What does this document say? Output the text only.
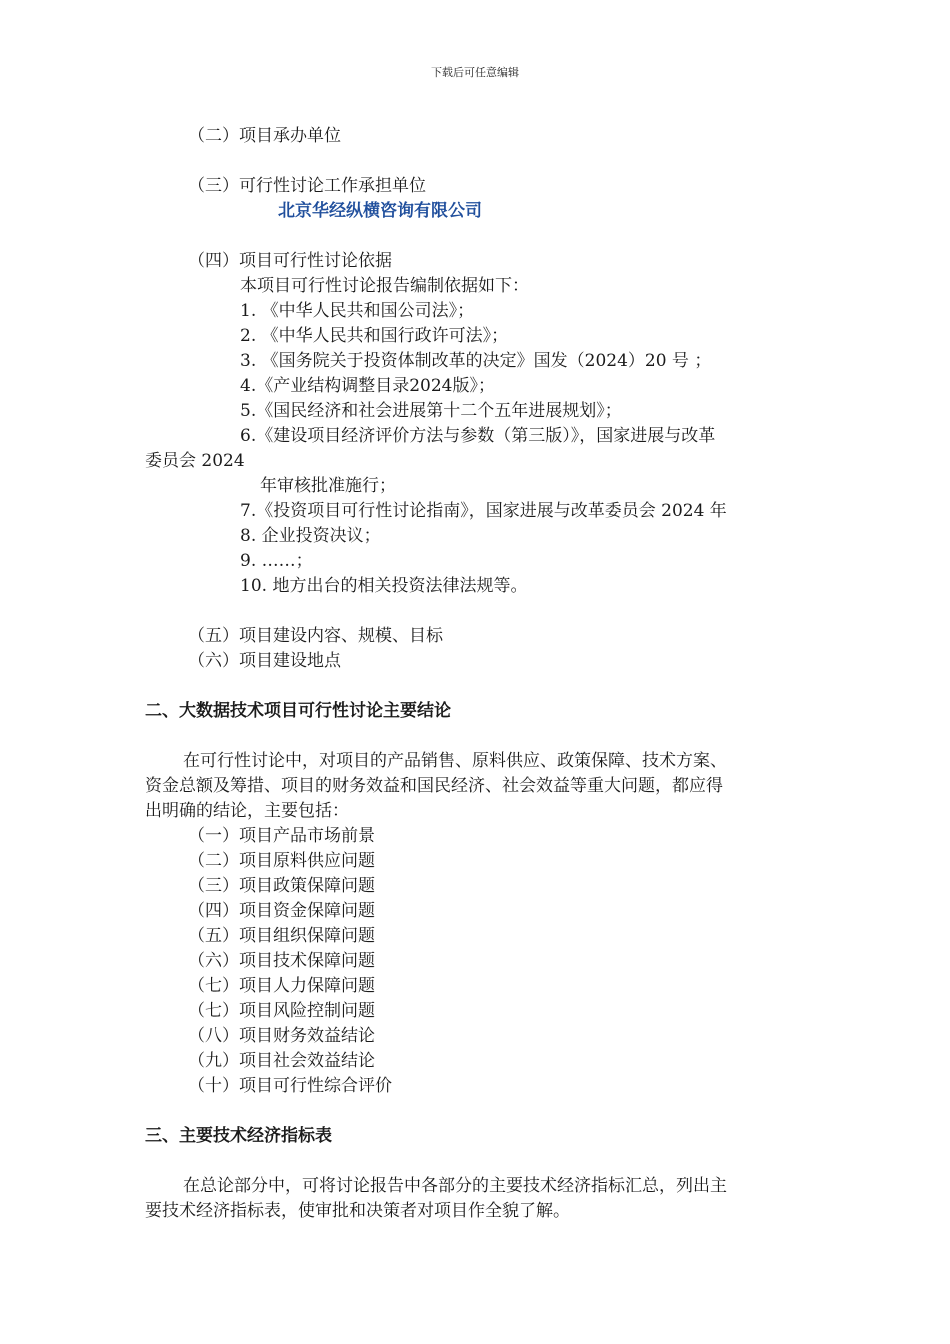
下载后可任意编辑
（二）项目承办单位
（三）可行性讨论工作承担单位
北京华经纵横咨询有限公司
（四）项目可行性讨论依据
本项目可行性讨论报告编制依据如下：
1. 《中华人民共和国公司法》；
2. 《中华人民共和国行政许可法》；
3. 《国务院关于投资体制改革的决定》国发（2024）20 号 ；
4.《产业结构调整目录2024版》；
5.《国民经济和社会进展第十二个五年进展规划》；
6.《建设项目经济评价方法与参数（第三版）》，国家进展与改革
委员会 2024
年审核批准施行；
7.《投资项目可行性讨论指南》，国家进展与改革委员会 2024 年
8. 企业投资决议；
9. ……；
10. 地方出台的相关投资法律法规等。
（五）项目建设内容、规模、目标
（六）项目建设地点
二、大数据技术项目可行性讨论主要结论
在可行性讨论中，对项目的产品销售、原料供应、政策保障、技术方案、
资金总额及筹措、项目的财务效益和国民经济、社会效益等重大问题，都应得
出明确的结论，主要包括：
（一）项目产品市场前景
（二）项目原料供应问题
（三）项目政策保障问题
（四）项目资金保障问题
（五）项目组织保障问题
（六）项目技术保障问题
（七）项目人力保障问题
（七）项目风险控制问题
（八）项目财务效益结论
（九）项目社会效益结论
（十）项目可行性综合评价
三、主要技术经济指标表
在总论部分中，可将讨论报告中各部分的主要技术经济指标汇总，列出主
要技术经济指标表，使审批和决策者对项目作全貌了解。
